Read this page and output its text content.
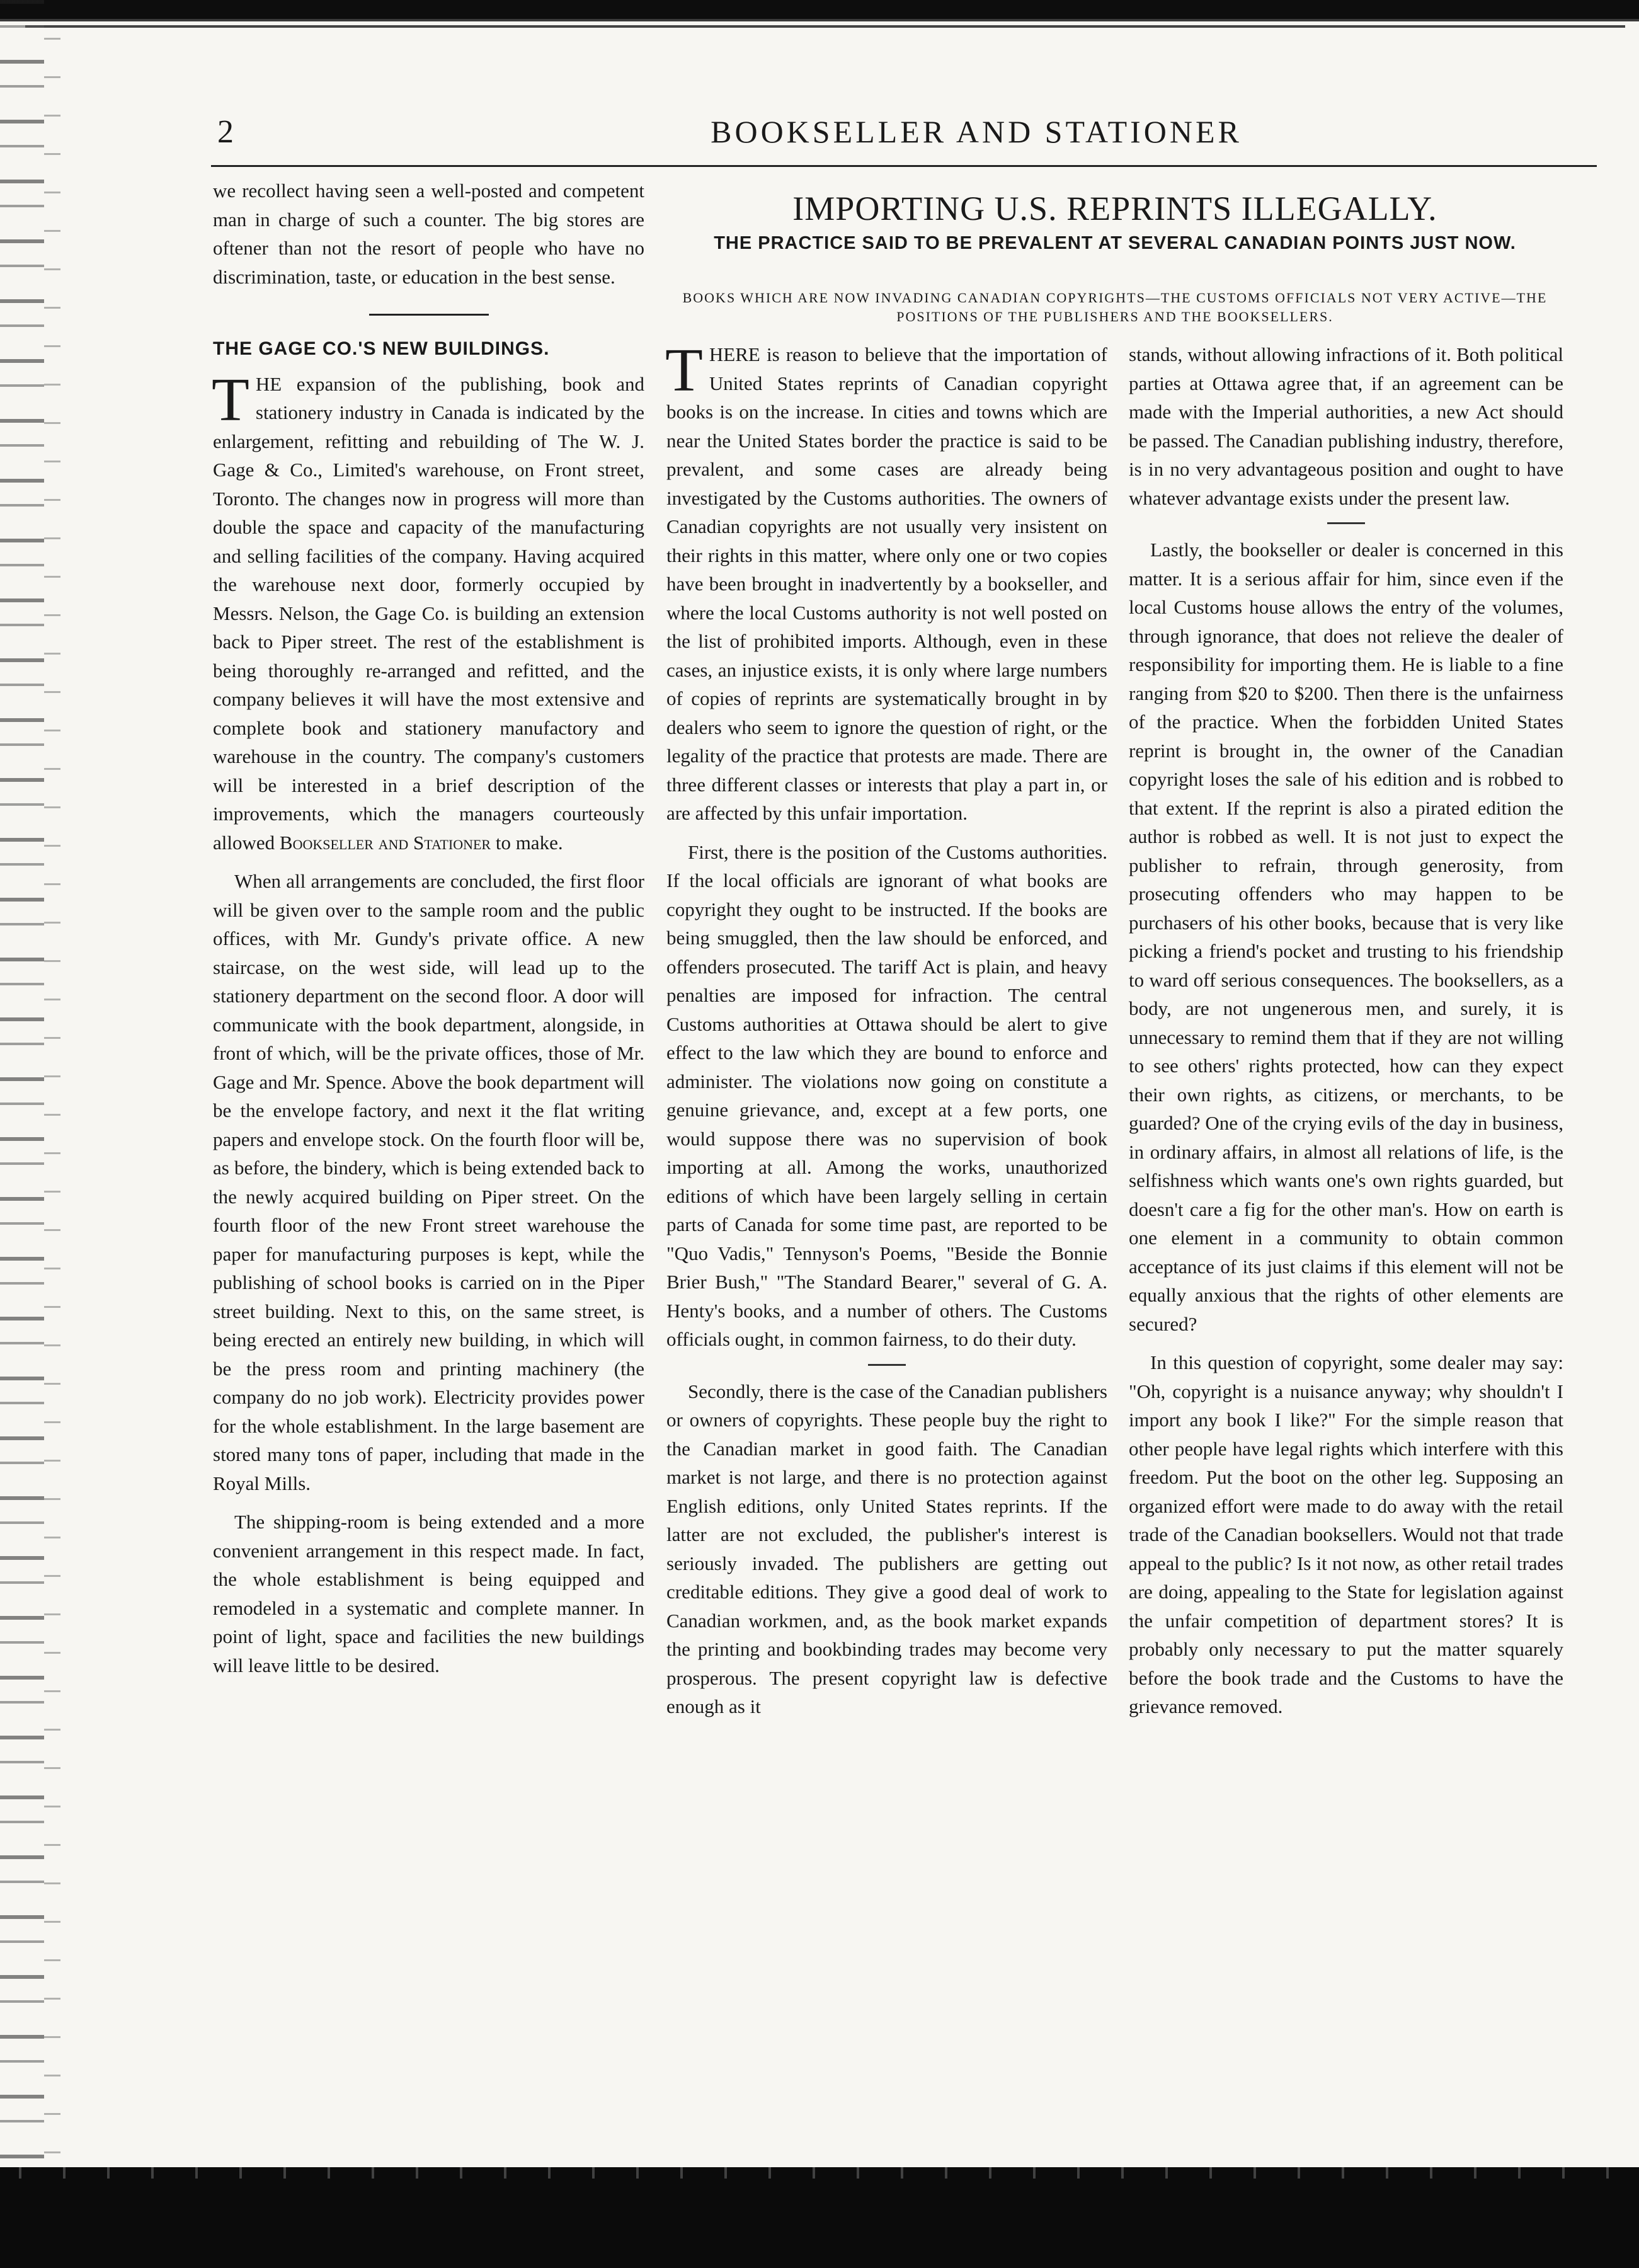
2	BOOKSELLER AND STATIONER

we recollect having seen a well-posted and competent man in charge of such a counter. The big stores are oftener than not the resort of people who have no discrimination, taste, or education in the best sense.

THE GAGE CO.'S NEW BUILDINGS.

THE expansion of the publishing, book and stationery industry in Canada is indicated by the enlargement, refitting and rebuilding of The W. J. Gage & Co., Limited's warehouse, on Front street, Toronto. The changes now in progress will more than double the space and capacity of the manufacturing and selling facilities of the company. Having acquired the warehouse next door, formerly occupied by Messrs. Nelson, the Gage Co. is building an extension back to Piper street. The rest of the establishment is being thoroughly re-arranged and refitted, and the company believes it will have the most extensive and complete book and stationery manufactory and warehouse in the country. The company's customers will be interested in a brief description of the improvements, which the managers courteously allowed Bookseller and Stationer to make.

When all arrangements are concluded, the first floor will be given over to the sample room and the public offices, with Mr. Gundy's private office. A new staircase, on the west side, will lead up to the stationery department on the second floor. A door will communicate with the book department, alongside, in front of which, will be the private offices, those of Mr. Gage and Mr. Spence. Above the book department will be the envelope factory, and next it the flat writing papers and envelope stock. On the fourth floor will be, as before, the bindery, which is being extended back to the newly acquired building on Piper street. On the fourth floor of the new Front street warehouse the paper for manufacturing purposes is kept, while the publishing of school books is carried on in the Piper street building. Next to this, on the same street, is being erected an entirely new building, in which will be the press room and printing machinery (the company do no job work). Electricity provides power for the whole establishment. In the large basement are stored many tons of paper, including that made in the Royal Mills.

The shipping-room is being extended and a more convenient arrangement in this respect made. In fact, the whole establishment is being equipped and remodeled in a systematic and complete manner. In point of light, space and facilities the new buildings will leave little to be desired.

IMPORTING U.S. REPRINTS ILLEGALLY.
THE PRACTICE SAID TO BE PREVALENT AT SEVERAL CANADIAN POINTS JUST NOW.
BOOKS WHICH ARE NOW INVADING CANADIAN COPYRIGHTS—THE CUSTOMS OFFICIALS NOT VERY ACTIVE—THE POSITIONS OF THE PUBLISHERS AND THE BOOKSELLERS.

THERE is reason to believe that the importation of United States reprints of Canadian copyright books is on the increase. In cities and towns which are near the United States border the practice is said to be prevalent, and some cases are already being investigated by the Customs authorities. The owners of Canadian copyrights are not usually very insistent on their rights in this matter, where only one or two copies have been brought in inadvertently by a bookseller, and where the local Customs authority is not well posted on the list of prohibited imports. Although, even in these cases, an injustice exists, it is only where large numbers of copies of reprints are systematically brought in by dealers who seem to ignore the question of right, or the legality of the practice that protests are made. There are three different classes or interests that play a part in, or are affected by this unfair importation.

First, there is the position of the Customs authorities. If the local officials are ignorant of what books are copyright they ought to be instructed. If the books are being smuggled, then the law should be enforced, and offenders prosecuted. The tariff Act is plain, and heavy penalties are imposed for infraction. The central Customs authorities at Ottawa should be alert to give effect to the law which they are bound to enforce and administer. The violations now going on constitute a genuine grievance, and, except at a few ports, one would suppose there was no supervision of book importing at all. Among the works, unauthorized editions of which have been largely selling in certain parts of Canada for some time past, are reported to be "Quo Vadis," Tennyson's Poems, "Beside the Bonnie Brier Bush," "The Standard Bearer," several of G. A. Henty's books, and a number of others. The Customs officials ought, in common fairness, to do their duty.

Secondly, there is the case of the Canadian publishers or owners of copyrights. These people buy the right to the Canadian market in good faith. The Canadian market is not large, and there is no protection against English editions, only United States reprints. If the latter are not excluded, the publisher's interest is seriously invaded. The publishers are getting out creditable editions. They give a good deal of work to Canadian workmen, and, as the book market expands the printing and bookbinding trades may become very prosperous. The present copyright law is defective enough as it

stands, without allowing infractions of it. Both political parties at Ottawa agree that, if an agreement can be made with the Imperial authorities, a new Act should be passed. The Canadian publishing industry, therefore, is in no very advantageous position and ought to have whatever advantage exists under the present law.

Lastly, the bookseller or dealer is concerned in this matter. It is a serious affair for him, since even if the local Customs house allows the entry of the volumes, through ignorance, that does not relieve the dealer of responsibility for importing them. He is liable to a fine ranging from $20 to $200. Then there is the unfairness of the practice. When the forbidden United States reprint is brought in, the owner of the Canadian copyright loses the sale of his edition and is robbed to that extent. If the reprint is also a pirated edition the author is robbed as well. It is not just to expect the publisher to refrain, through generosity, from prosecuting offenders who may happen to be purchasers of his other books, because that is very like picking a friend's pocket and trusting to his friendship to ward off serious consequences. The booksellers, as a body, are not ungenerous men, and surely, it is unnecessary to remind them that if they are not willing to see others' rights protected, how can they expect their own rights, as citizens, or merchants, to be guarded? One of the crying evils of the day in business, in ordinary affairs, in almost all relations of life, is the selfishness which wants one's own rights guarded, but doesn't care a fig for the other man's. How on earth is one element in a community to obtain common acceptance of its just claims if this element will not be equally anxious that the rights of other elements are secured?

In this question of copyright, some dealer may say: "Oh, copyright is a nuisance anyway; why shouldn't I import any book I like?" For the simple reason that other people have legal rights which interfere with this freedom. Put the boot on the other leg. Supposing an organized effort were made to do away with the retail trade of the Canadian booksellers. Would not that trade appeal to the public? Is it not now, as other retail trades are doing, appealing to the State for legislation against the unfair competition of department stores? It is probably only necessary to put the matter squarely before the book trade and the Customs to have the grievance removed.
